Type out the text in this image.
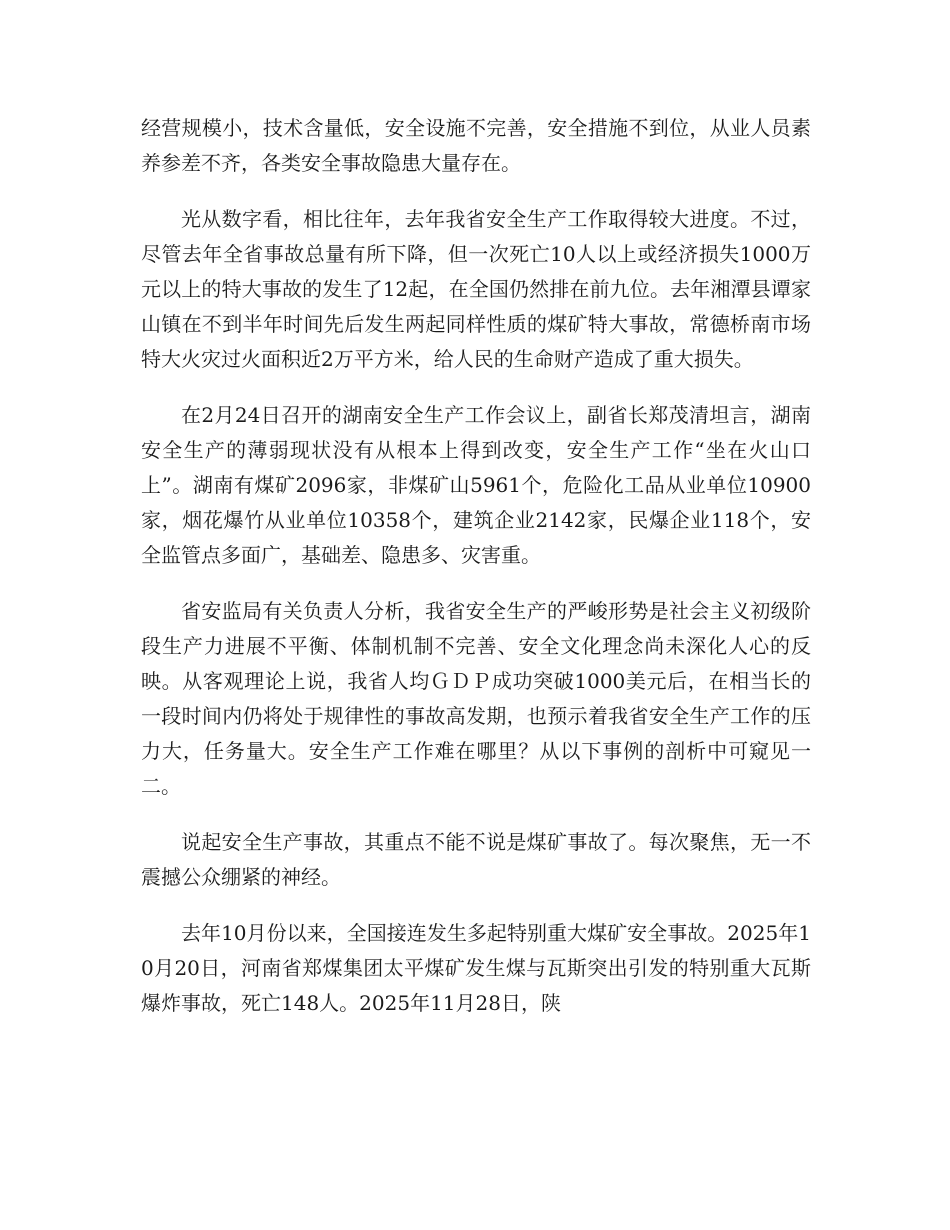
经营规模小，技术含量低，安全设施不完善，安全措施不到位，从业人员素养参差不齐，各类安全事故隐患大量存在。

光从数字看，相比往年，去年我省安全生产工作取得较大进度。不过，尽管去年全省事故总量有所下降，但一次死亡10人以上或经济损失1000万元以上的特大事故的发生了12起，在全国仍然排在前九位。去年湘潭县谭家山镇在不到半年时间先后发生两起同样性质的煤矿特大事故，常德桥南市场特大火灾过火面积近2万平方米，给人民的生命财产造成了重大损失。

在2月24日召开的湖南安全生产工作会议上，副省长郑茂清坦言，湖南安全生产的薄弱现状没有从根本上得到改变，安全生产工作“坐在火山口上”。湖南有煤矿2096家，非煤矿山5961个，危险化工品从业单位10900家，烟花爆竹从业单位10358个，建筑企业2142家，民爆企业118个，安全监管点多面广，基础差、隐患多、灾害重。

省安监局有关负责人分析，我省安全生产的严峻形势是社会主义初级阶段生产力进展不平衡、体制机制不完善、安全文化理念尚未深化人心的反映。从客观理论上说，我省人均ＧＤＰ成功突破1000美元后，在相当长的一段时间内仍将处于规律性的事故高发期，也预示着我省安全生产工作的压力大，任务量大。安全生产工作难在哪里？从以下事例的剖析中可窥见一二。

说起安全生产事故，其重点不能不说是煤矿事故了。每次聚焦，无一不震撼公众绷紧的神经。

去年10月份以来，全国接连发生多起特别重大煤矿安全事故。2025年10月20日，河南省郑煤集团太平煤矿发生煤与瓦斯突出引发的特别重大瓦斯爆炸事故，死亡148人。2025年11月28日，陕
